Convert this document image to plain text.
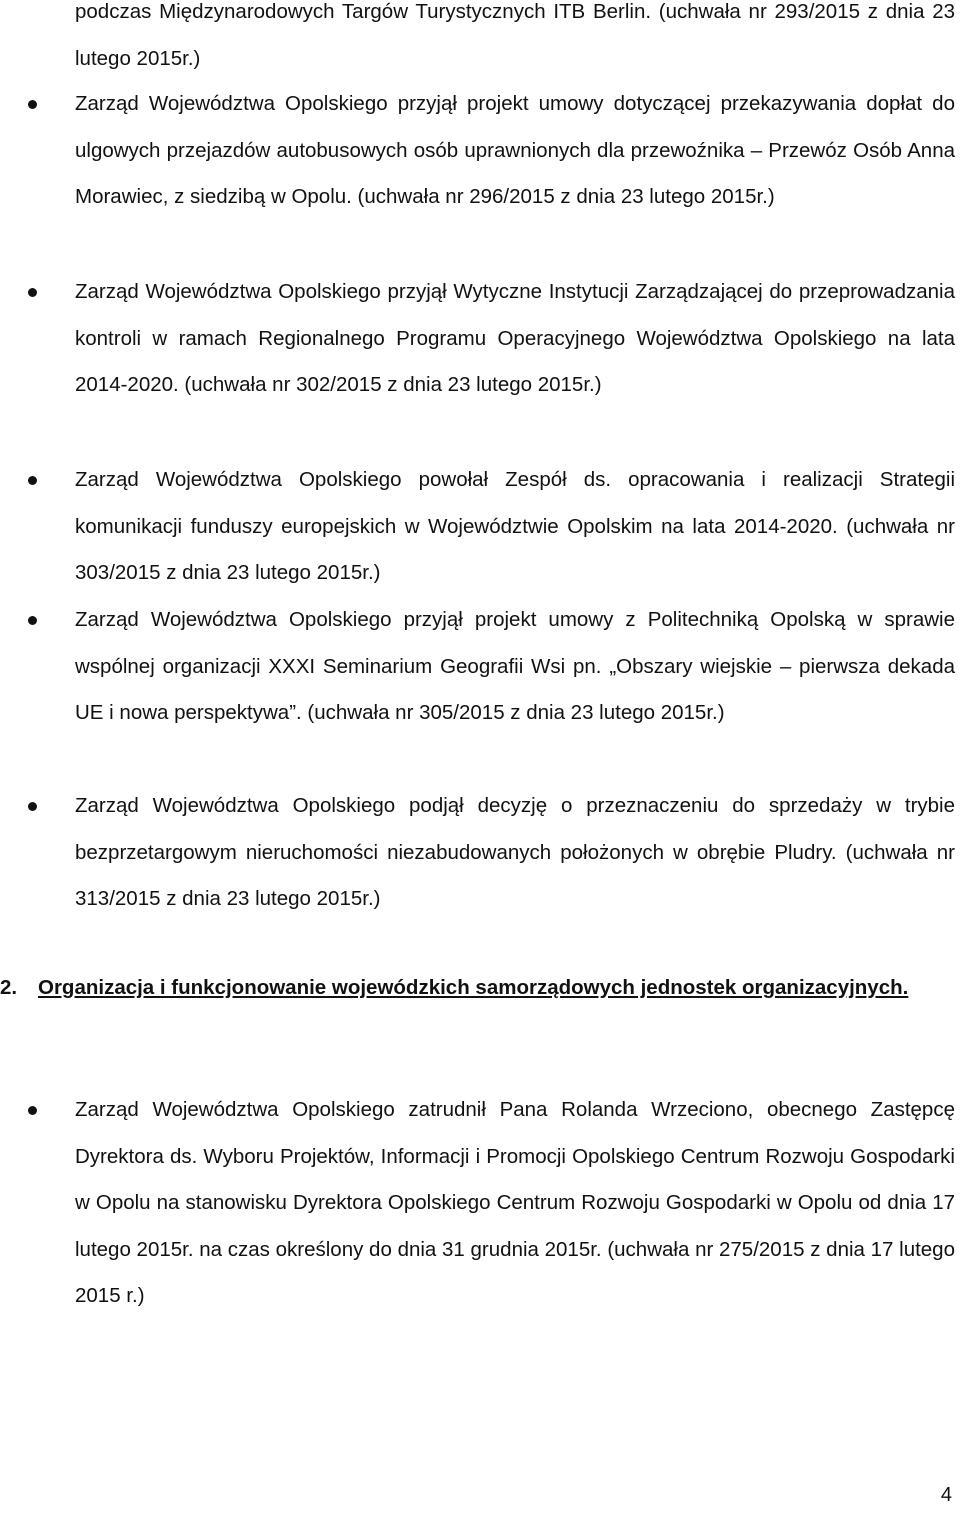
podczas Międzynarodowych Targów Turystycznych ITB Berlin. (uchwała nr 293/2015 z dnia 23 lutego 2015r.)

Zarząd Województwa Opolskiego przyjął projekt umowy dotyczącej przekazywania dopłat do ulgowych przejazdów autobusowych osób uprawnionych dla przewoźnika – Przewóz Osób Anna Morawiec, z siedzibą w Opolu. (uchwała nr 296/2015 z dnia 23 lutego 2015r.)

Zarząd Województwa Opolskiego przyjął Wytyczne Instytucji Zarządzającej do przeprowadzania kontroli w ramach Regionalnego Programu Operacyjnego Województwa Opolskiego na lata 2014-2020. (uchwała nr 302/2015 z dnia 23 lutego 2015r.)

Zarząd Województwa Opolskiego powołał Zespół ds. opracowania i realizacji Strategii komunikacji funduszy europejskich w Województwie Opolskim na lata 2014-2020. (uchwała nr 303/2015 z dnia 23 lutego 2015r.)

Zarząd Województwa Opolskiego przyjął projekt umowy z Politechniką Opolską w sprawie wspólnej organizacji XXXI Seminarium Geografii Wsi pn. „Obszary wiejskie – pierwsza dekada UE i nowa perspektywa”. (uchwała nr 305/2015 z dnia 23 lutego 2015r.)

Zarząd Województwa Opolskiego podjął decyzję o przeznaczeniu do sprzedaży w trybie bezprzetargowym nieruchomości niezabudowanych położonych w obrębie Pludry. (uchwała nr 313/2015 z dnia 23 lutego 2015r.)

2. Organizacja i funkcjonowanie wojewódzkich samorządowych jednostek organizacyjnych.

Zarząd Województwa Opolskiego zatrudnił Pana Rolanda Wrzeciono, obecnego Zastępcę Dyrektora ds. Wyboru Projektów, Informacji i Promocji Opolskiego Centrum Rozwoju Gospodarki w Opolu na stanowisku Dyrektora Opolskiego Centrum Rozwoju Gospodarki w Opolu od dnia 17 lutego 2015r. na czas określony do dnia 31 grudnia 2015r. (uchwała nr 275/2015 z dnia 17 lutego 2015 r.)

4
